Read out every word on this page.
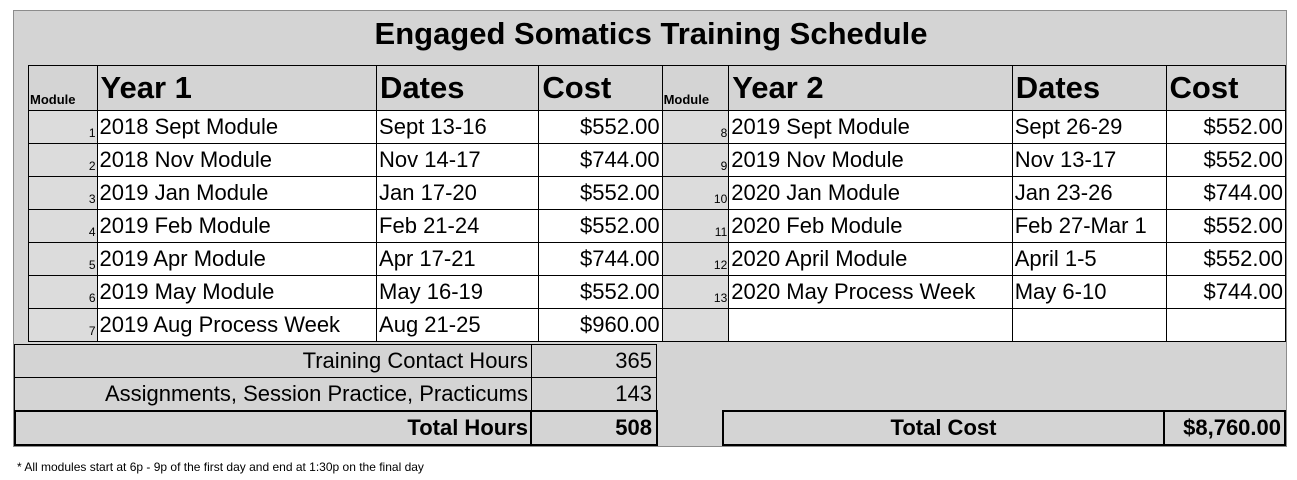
Engaged Somatics Training Schedule
Module	Year 1	Dates	Cost	Module	Year 2	Dates	Cost
1	2018 Sept Module	Sept 13-16	$552.00	8	2019 Sept Module	Sept 26-29	$552.00
2	2018 Nov Module	Nov 14-17	$744.00	9	2019 Nov Module	Nov 13-17	$552.00
3	2019 Jan Module	Jan 17-20	$552.00	10	2020 Jan Module	Jan 23-26	$744.00
4	2019 Feb Module	Feb 21-24	$552.00	11	2020 Feb Module	Feb 27-Mar 1	$552.00
5	2019 Apr Module	Apr 17-21	$744.00	12	2020 April Module	April 1-5	$552.00
6	2019 May Module	May 16-19	$552.00	13	2020 May Process Week	May 6-10	$744.00
7	2019 Aug Process Week	Aug 21-25	$960.00				
Training Contact Hours	365
Assignments, Session Practice, Practicums	143
Total Hours	508	Total Cost	$8,760.00
* All modules start at 6p - 9p of the first day and end at 1:30p on the final day
